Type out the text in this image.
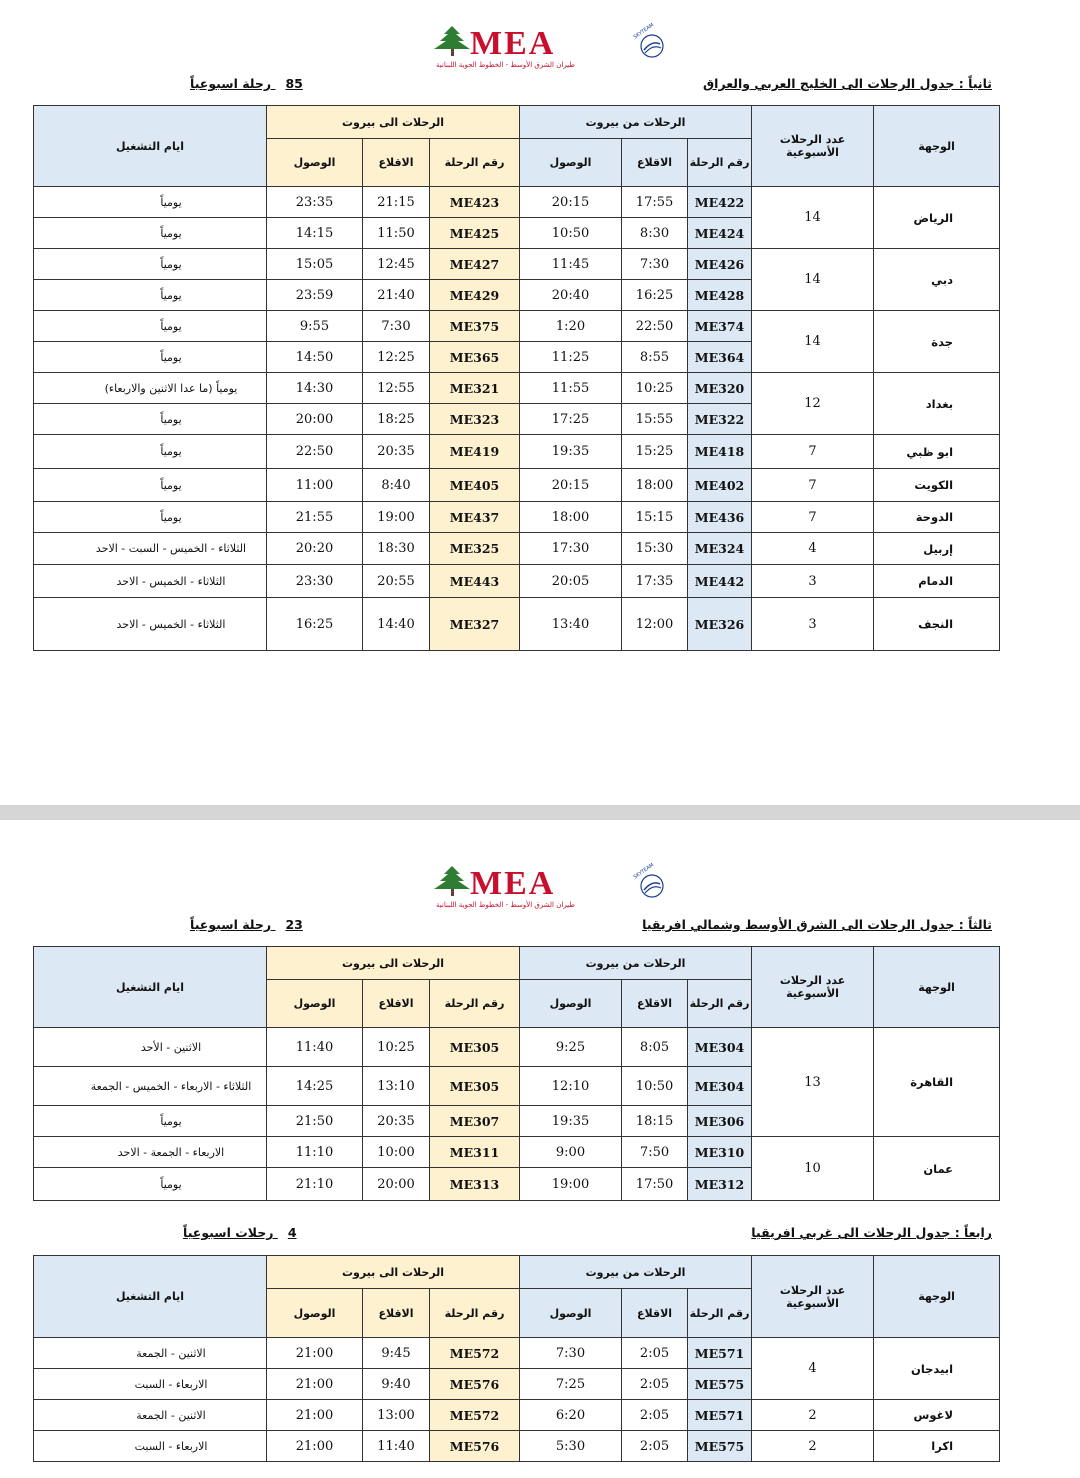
MEA
طيران الشرق الأوسط - الخطوط الجوية اللبنانية
SKYTEAM
ثانياً : جدول الرحلات الى الخليج العربي والعراق
85 رحلة اسبوعياً
الوجهة	عدد الرحلات الأسبوعية	الرحلات من بيروت			الرحلات الى بيروت			ايام التشغيل
		رقم الرحلة	الاقلاع	الوصول	رقم الرحلة	الاقلاع	الوصول	
الرياض	14	ME422	17:55	20:15	ME423	21:15	23:35	يومياً
		ME424	8:30	10:50	ME425	11:50	14:15	يومياً
دبي	14	ME426	7:30	11:45	ME427	12:45	15:05	يومياً
		ME428	16:25	20:40	ME429	21:40	23:59	يومياً
جدة	14	ME374	22:50	1:20	ME375	7:30	9:55	يومياً
		ME364	8:55	11:25	ME365	12:25	14:50	يومياً
بغداد	12	ME320	10:25	11:55	ME321	12:55	14:30	يومياً (ما عدا الاثنين والاربعاء)
		ME322	15:55	17:25	ME323	18:25	20:00	يومياً
ابو ظبي	7	ME418	15:25	19:35	ME419	20:35	22:50	يومياً
الكويت	7	ME402	18:00	20:15	ME405	8:40	11:00	يومياً
الدوحة	7	ME436	15:15	18:00	ME437	19:00	21:55	يومياً
إربيل	4	ME324	15:30	17:30	ME325	18:30	20:20	الثلاثاء - الخميس - السبت - الاحد
الدمام	3	ME442	17:35	20:05	ME443	20:55	23:30	الثلاثاء - الخميس - الاحد
النجف	3	ME326	12:00	13:40	ME327	14:40	16:25	الثلاثاء - الخميس - الاحد
MEA
طيران الشرق الأوسط - الخطوط الجوية اللبنانية
SKYTEAM
ثالثاً : جدول الرحلات الى الشرق الأوسط وشمالي افريقيا
23 رحلة اسبوعياً
الوجهة	عدد الرحلات الأسبوعية	الرحلات من بيروت			الرحلات الى بيروت			ايام التشغيل
		رقم الرحلة	الاقلاع	الوصول	رقم الرحلة	الاقلاع	الوصول	
القاهرة	13	ME304	8:05	9:25	ME305	10:25	11:40	الاثنين - الأحد
		ME304	10:50	12:10	ME305	13:10	14:25	الثلاثاء - الاربعاء - الخميس - الجمعة
		ME306	18:15	19:35	ME307	20:35	21:50	يومياً
عمان	10	ME310	7:50	9:00	ME311	10:00	11:10	الاربعاء - الجمعة - الاحد
		ME312	17:50	19:00	ME313	20:00	21:10	يومياً
رابعاً : جدول الرحلات الى غربي افريقيا
4 رحلات اسبوعياً
الوجهة	عدد الرحلات الأسبوعية	الرحلات من بيروت			الرحلات الى بيروت			ايام التشغيل
		رقم الرحلة	الاقلاع	الوصول	رقم الرحلة	الاقلاع	الوصول	
ابيدجان	4	ME571	2:05	7:30	ME572	9:45	21:00	الاثنين - الجمعة
		ME575	2:05	7:25	ME576	9:40	21:00	الاربعاء - السبت
لاغوس	2	ME571	2:05	6:20	ME572	13:00	21:00	الاثنين - الجمعة
اكرا	2	ME575	2:05	5:30	ME576	11:40	21:00	الاربعاء - السبت
